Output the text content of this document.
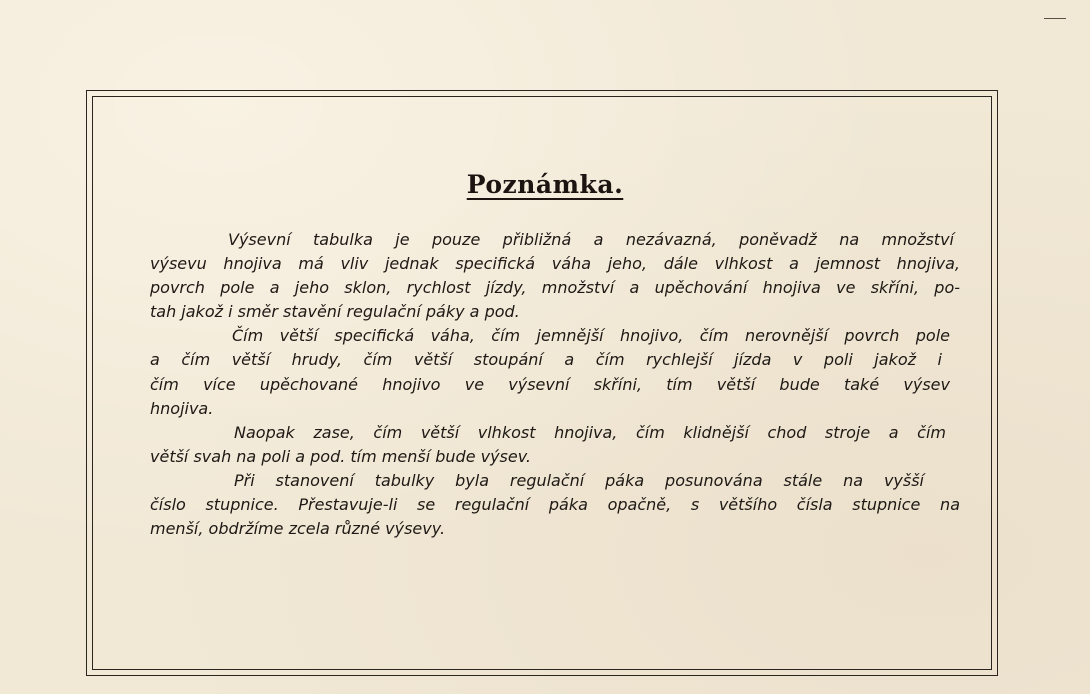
Poznámka.
Výsevní tabulka je pouze přibližná a nezávazná, poněvadž na množství
výsevu hnojiva má vliv jednak specifická váha jeho, dále vlhkost a jemnost hnojiva,
povrch pole a jeho sklon, rychlost jízdy, množství a upěchování hnojiva ve skříni, po-
tah jakož i směr stavění regulační páky a pod.
Čím větší specifická váha, čím jemnější hnojivo, čím nerovnější povrch pole
a čím větší hrudy, čím větší stoupání a čím rychlejší jízda v poli jakož i
čím více upěchované hnojivo ve výsevní skříni, tím větší bude také výsev
hnojiva.
Naopak zase, čím větší vlhkost hnojiva, čím klidnější chod stroje a čím
větší svah na poli a pod. tím menší bude výsev.
Při stanovení tabulky byla regulační páka posunována stále na vyšší
číslo stupnice. Přestavuje-li se regulační páka opačně, s většího čísla stupnice na
menší, obdržíme zcela různé výsevy.
